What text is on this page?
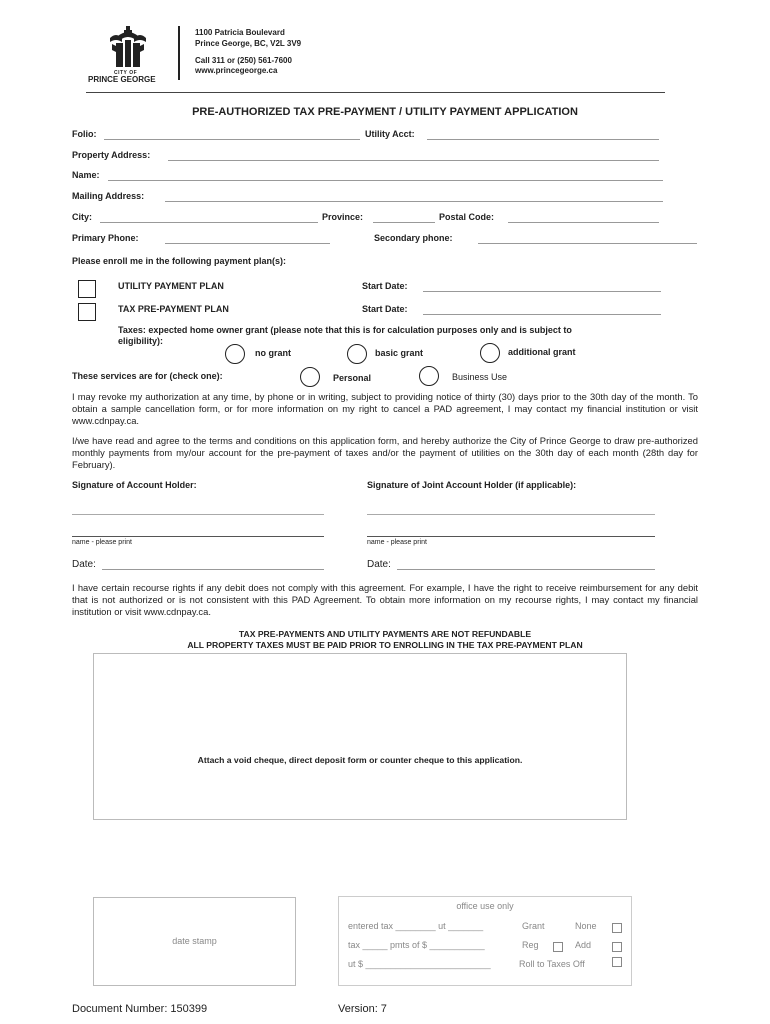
CITY OF
PRINCE GEORGE
1100 Patricia Boulevard
Prince George, BC, V2L 3V9
Call 311 or (250) 561-7600
www.princegeorge.ca
PRE-AUTHORIZED TAX PRE-PAYMENT / UTILITY PAYMENT APPLICATION
Folio:	Utility Acct:
Property Address:
Name:
Mailing Address:
City:	Province:	Postal Code:
Primary Phone:	Secondary phone:
Please enroll me in the following payment plan(s):
UTILITY PAYMENT PLAN	Start Date:
TAX PRE-PAYMENT PLAN	Start Date:
Taxes: expected home owner grant (please note that this is for calculation purposes only and is subject to
eligibility):
no grant	basic grant	additional grant
These services are for (check one):	Personal	Business Use
I may revoke my authorization at any time, by phone or in writing, subject to providing notice of thirty (30) days prior to the 30th day of the month. To obtain a sample cancellation form, or for more information on my right to cancel a PAD agreement, I may contact my financial institution or visit www.cdnpay.ca.
I/we have read and agree to the terms and conditions on this application form, and hereby authorize the City of Prince George to draw pre-authorized monthly payments from my/our account for the pre-payment of taxes and/or the payment of utilities on the 30th day of each month (28th day for February).
Signature of Account Holder:	Signature of Joint Account Holder (if applicable):
name - please print	name - please print
Date:	Date:
I have certain recourse rights if any debit does not comply with this agreement. For example, I have the right to receive reimbursement for any debit that is not authorized or is not consistent with this PAD Agreement. To obtain more information on my recourse rights, I may contact my financial institution or visit www.cdnpay.ca.
TAX PRE-PAYMENTS AND UTILITY PAYMENTS ARE NOT REFUNDABLE
ALL PROPERTY TAXES MUST BE PAID PRIOR TO ENROLLING IN THE TAX PRE-PAYMENT PLAN
Attach a void cheque, direct deposit form or counter cheque to this application.
date stamp
office use only
entered tax ________ ut _______	Grant	None
tax _____ pmts of $ ___________	Reg	Add
ut $ _________________________	Roll to Taxes Off
Document Number: 150399	Version: 7
